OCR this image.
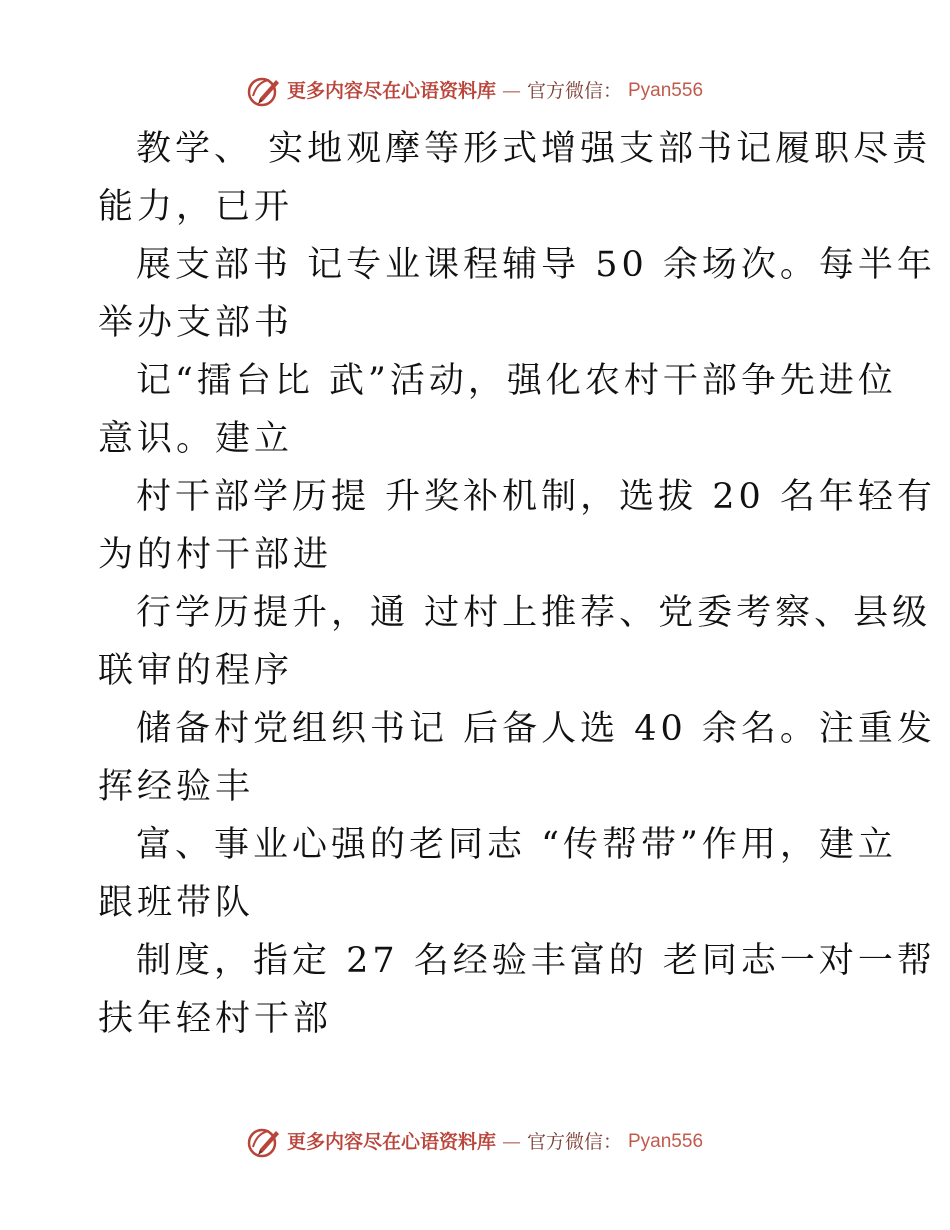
更多内容尽在心语资料库 — 官方微信： Pyan556
教学、 实地观摩等形式增强支部书记履职尽责
能力，已开
展支部书 记专业课程辅导 50 余场次。每半年
举办支部书
记“擂台比 武”活动，强化农村干部争先进位
意识。建立
村干部学历提 升奖补机制，选拔 20 名年轻有
为的村干部进
行学历提升，通 过村上推荐、党委考察、县级
联审的程序
储备村党组织书记 后备人选 40 余名。注重发
挥经验丰
富、事业心强的老同志 “传帮带”作用，建立
跟班带队
制度，指定 27 名经验丰富的 老同志一对一帮
扶年轻村干部
更多内容尽在心语资料库 — 官方微信： Pyan556
